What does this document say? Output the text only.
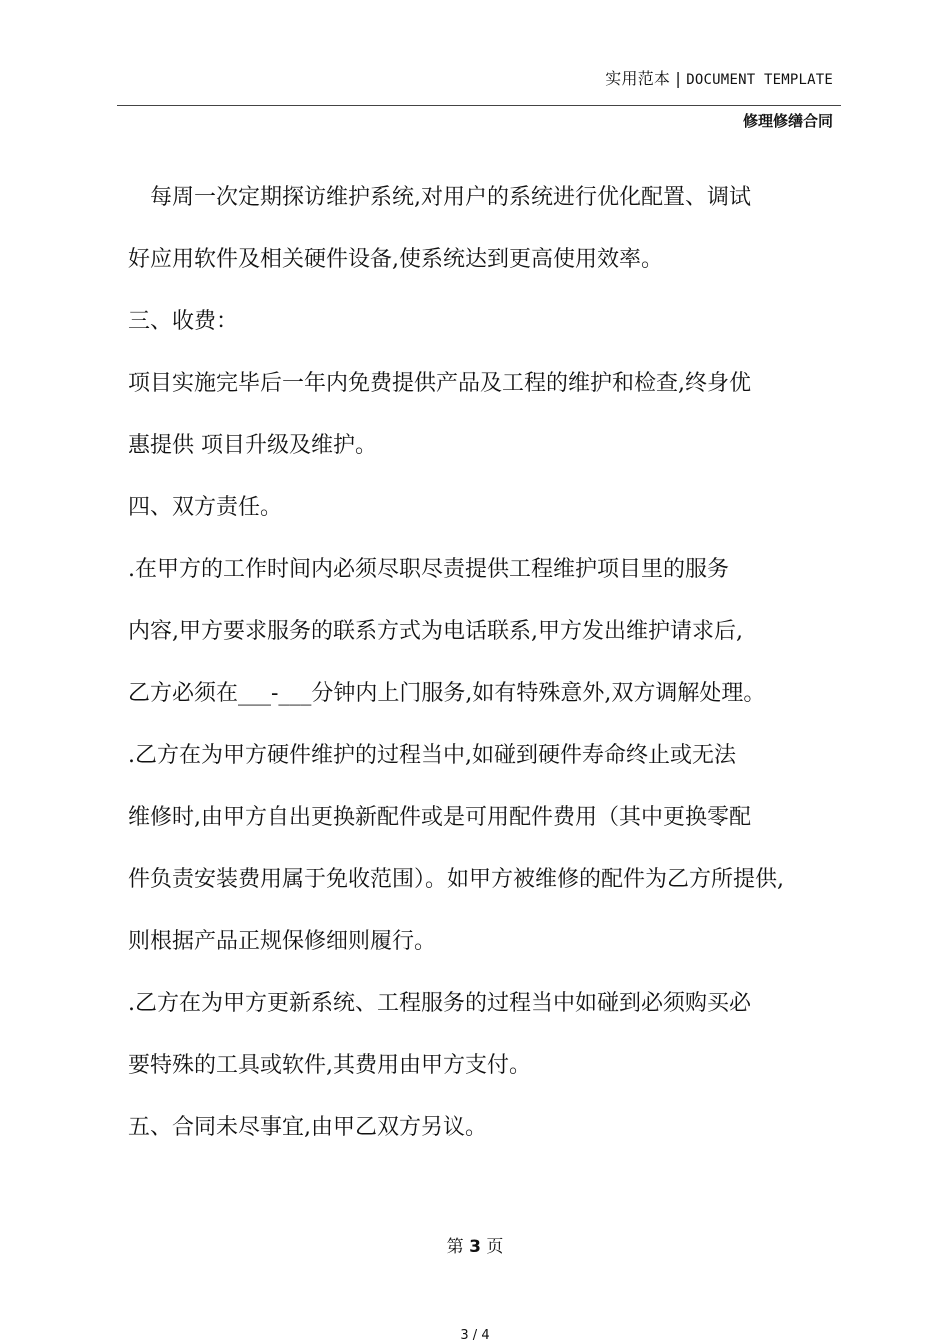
实用范本 | DOCUMENT TEMPLATE
修理修缮合同
　每周一次定期探访维护系统,对用户的系统进行优化配置、调试
好应用软件及相关硬件设备,使系统达到更高使用效率。
三、收费：
项目实施完毕后一年内免费提供产品及工程的维护和检查,终身优
惠提供 项目升级及维护。
四、双方责任。
.在甲方的工作时间内必须尽职尽责提供工程维护项目里的服务
内容,甲方要求服务的联系方式为电话联系,甲方发出维护请求后,
乙方必须在___-___分钟内上门服务,如有特殊意外,双方调解处理。
.乙方在为甲方硬件维护的过程当中,如碰到硬件寿命终止或无法
维修时,由甲方自出更换新配件或是可用配件费用（其中更换零配
件负责安装费用属于免收范围）。如甲方被维修的配件为乙方所提供,
则根据产品正规保修细则履行。
.乙方在为甲方更新系统、工程服务的过程当中如碰到必须购买必
要特殊的工具或软件,其费用由甲方支付。
五、合同未尽事宜,由甲乙双方另议。
第 3 页
3 / 4
